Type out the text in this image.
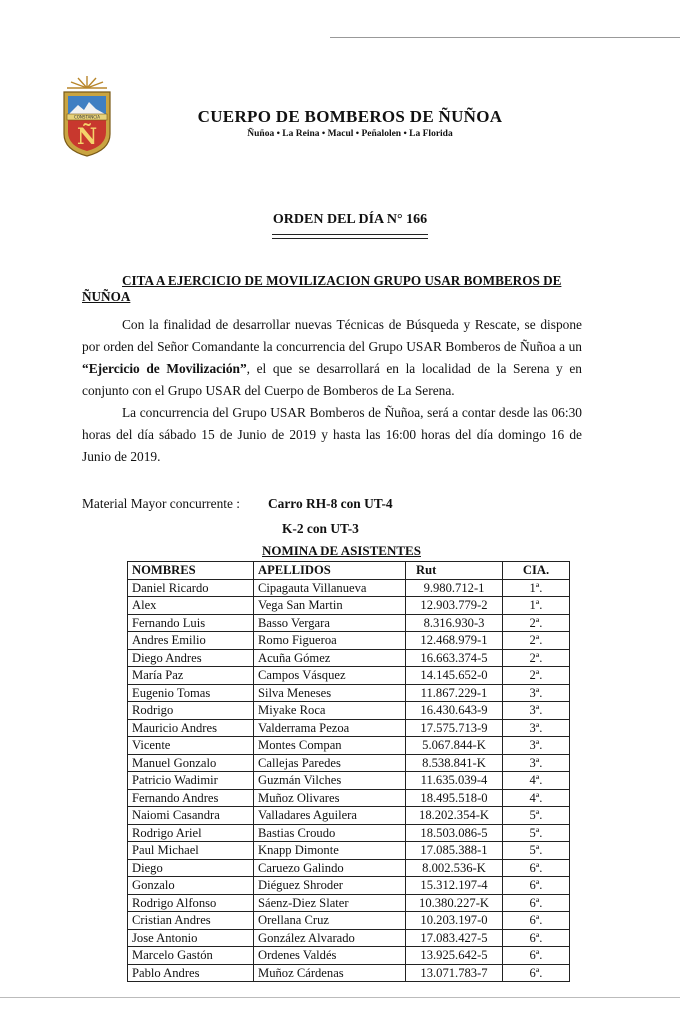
CONSTANCIA
Ñ
CUERPO DE BOMBEROS DE ÑUÑOA
Ñuñoa • La Reina • Macul • Peñalolen • La Florida
ORDEN DEL DÍA N° 166
CITA A EJERCICIO DE MOVILIZACION GRUPO USAR BOMBEROS DE
ÑUÑOA
Con la finalidad de desarrollar nuevas Técnicas de Búsqueda y Rescate, se dispone por orden del Señor Comandante la concurrencia del Grupo USAR Bomberos de Ñuñoa a un “Ejercicio de Movilización”, el que se desarrollará en la localidad de la Serena y en conjunto con el Grupo USAR del Cuerpo de Bomberos de La Serena.
La concurrencia del Grupo USAR Bomberos de Ñuñoa, será a contar desde las 06:30 horas del día sábado 15 de Junio de 2019 y hasta las 16:00 horas del día domingo 16 de Junio de 2019.
Material Mayor concurrente : Carro RH-8 con UT-4
K-2 con UT-3
NOMINA DE ASISTENTES
NOMBRES	APELLIDOS	Rut	CIA.
Daniel Ricardo	Cipagauta Villanueva	9.980.712-1	1ª.
Alex	Vega San Martin	12.903.779-2	1ª.
Fernando Luis	Basso Vergara	8.316.930-3	2ª.
Andres Emilio	Romo Figueroa	12.468.979-1	2ª.
Diego Andres	Acuña Gómez	16.663.374-5	2ª.
María Paz	Campos Vásquez	14.145.652-0	2ª.
Eugenio Tomas	Silva Meneses	11.867.229-1	3ª.
Rodrigo	Miyake Roca	16.430.643-9	3ª.
Mauricio Andres	Valderrama Pezoa	17.575.713-9	3ª.
Vicente	Montes Compan	5.067.844-K	3ª.
Manuel Gonzalo	Callejas Paredes	8.538.841-K	3ª.
Patricio Wadimir	Guzmán Vilches	11.635.039-4	4ª.
Fernando Andres	Muñoz Olivares	18.495.518-0	4ª.
Naiomi Casandra	Valladares Aguilera	18.202.354-K	5ª.
Rodrigo Ariel	Bastias Croudo	18.503.086-5	5ª.
Paul Michael	Knapp Dimonte	17.085.388-1	5ª.
Diego	Caruezo Galindo	8.002.536-K	6ª.
Gonzalo	Diéguez Shroder	15.312.197-4	6ª.
Rodrigo Alfonso	Sáenz-Diez Slater	10.380.227-K	6ª.
Cristian Andres	Orellana Cruz	10.203.197-0	6ª.
Jose Antonio	González Alvarado	17.083.427-5	6ª.
Marcelo Gastón	Ordenes Valdés	13.925.642-5	6ª.
Pablo Andres	Muñoz Cárdenas	13.071.783-7	6ª.
